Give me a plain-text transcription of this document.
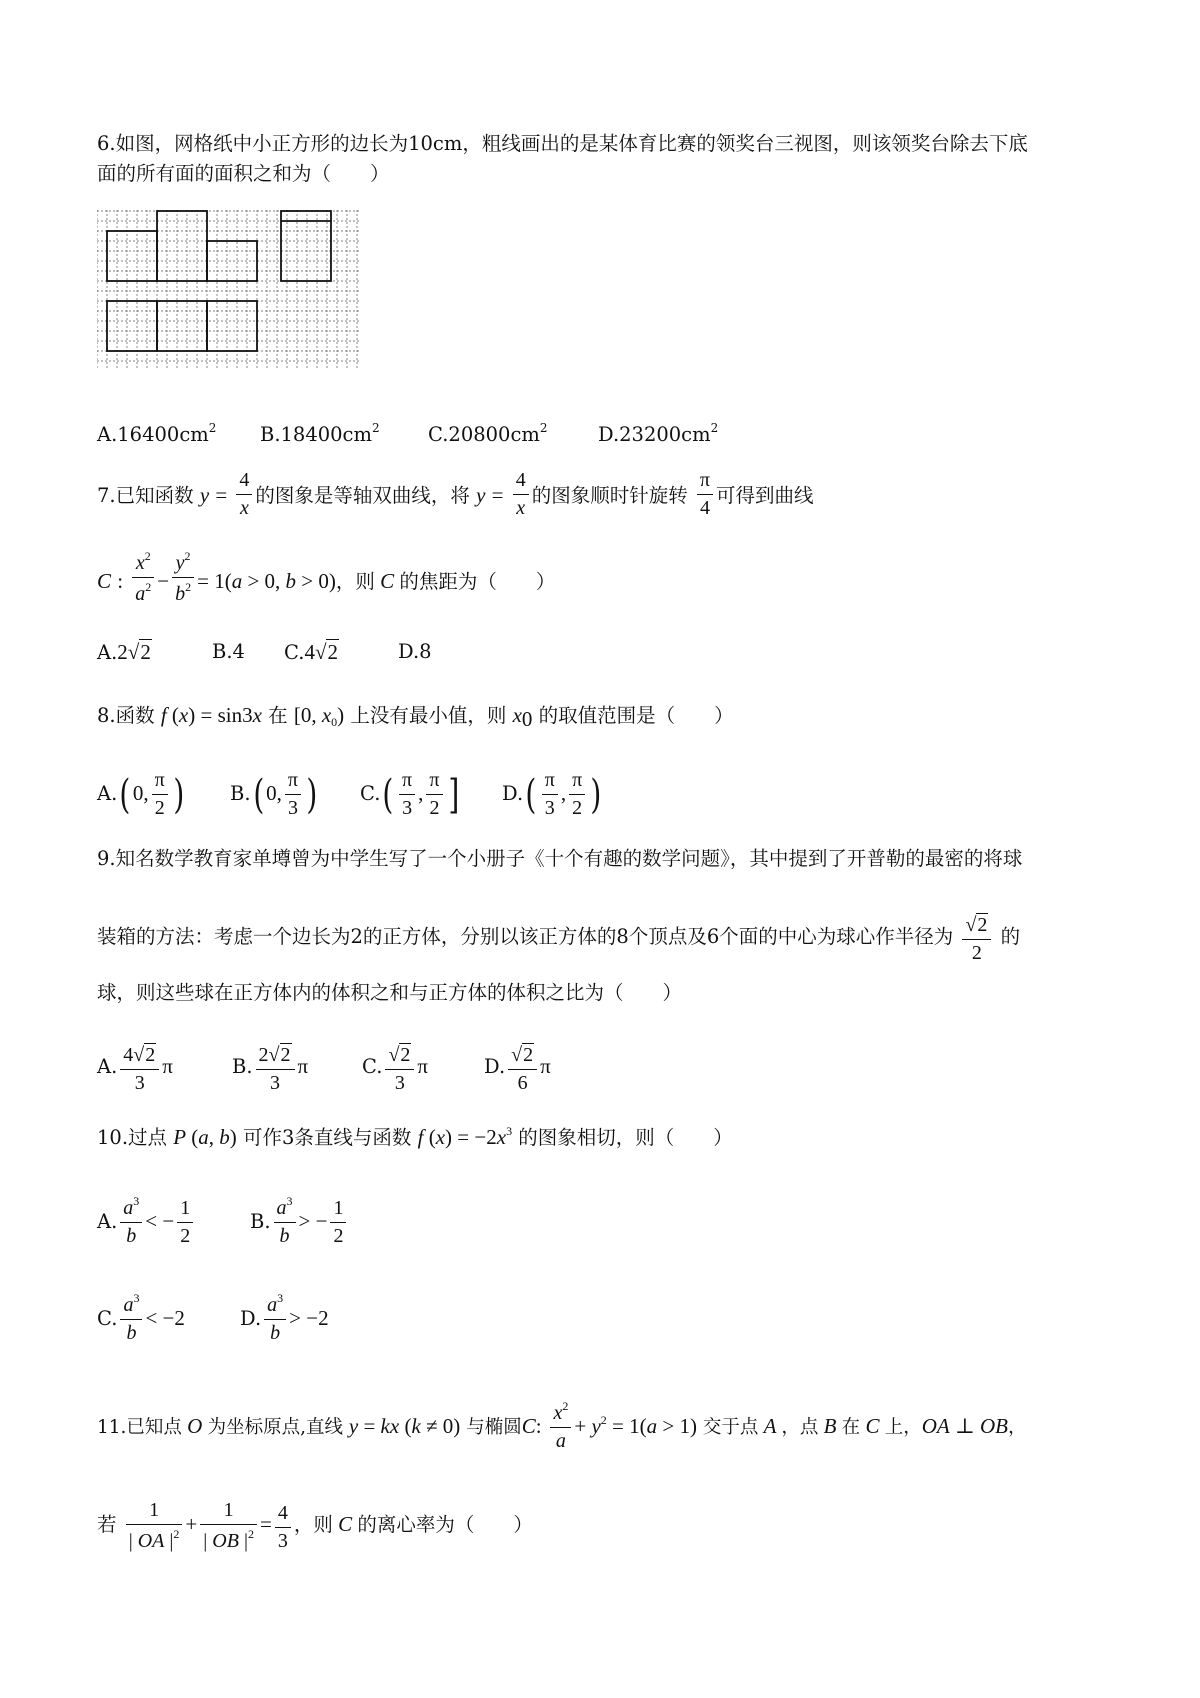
6.如图，网格纸中小正方形的边长为10cm，粗线画出的是某体育比赛的领奖台三视图，则该领奖台除去下底
面的所有面的面积之和为（　　）
$A.16400cm^2$ $B.18400cm^2$ $C.20800cm^2$	$D.23200cm^2$
7.已知函数 $y = \frac{4}{x}$ 的图象是等轴双曲线，将 $y = \frac{4}{x}$ 的图象顺时针旋转 $\frac{\pi}{4}$ 可得到曲线
C : $\frac{x^2}{a^2} - \frac{y^2}{b^2} = 1(a > 0$, b > 0)，则 C 的焦距为（　　）
A.2√2	B.4 C.4√2	D.8
8.函数 f (x) = sin3x 在 [0, $x_0$) 上没有最小值，则 $x_0$ 的取值范围是（　　）
A.( 0, $\frac{\pi}{2}$ ) B.( 0, $\frac{\pi}{3}$ ) $C.( \frac{\pi}{3}$ , $\frac{\pi}{2}$ ] $D.( \frac{\pi}{3}$ , $\frac{\pi}{2}$ )
9.知名数学教育家单墫曾为中学生写了一个小册子《十个有趣的数学问题》，其中提到了开普勒的最密的将球
装箱的方法：考虑一个边长为2的正方体，分别以该正方体的8个顶点及6个面的中心为球心作半径为 $\frac{√2}{2}$ 的
球，则这些球在正方体内的体积之和与正方体的体积之比为（　　）
A. $\frac{4√2}{3}$ π	B. $\frac{2√2}{3}$ π	C. $\frac{√2}{3}$ π	D. $\frac{√2}{6}$ π
10.过点 P (a, b) 可作3条直线与函数 f $(x) = -2x^3$ 的图象相切，则（　　）
A. $\frac{a^3}{b}$ < − $\frac{1}{2}$	B. $\frac{a^3}{b}$ > − $\frac{1}{2}$
C. $\frac{a^3}{b} < -2$	D. $\frac{a^3}{b} > -2$
11.已知点 O 为坐标原点,直线 y = kx (k ≠ 0) 与椭圆C: $\frac{x^2}{a} + y^2 = 1(a > 1)$ 交于点 A ，点 B 在 C 上，OA ⊥ OB，
若 $\frac{1}{| OA |^2} + \frac{1}{| OB |^2} = \frac{4}{3}$ ，则 C 的离心率为（　　）
